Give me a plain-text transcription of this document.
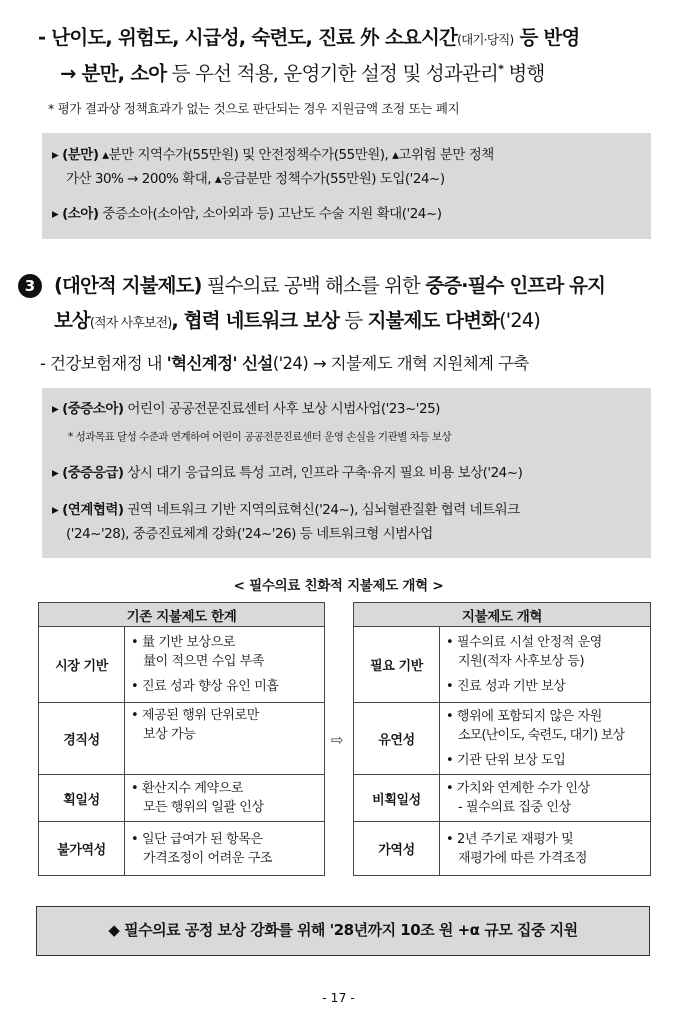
- 난이도, 위험도, 시급성, 숙련도, 진료 外 소요시간(대기·당직) 등 반영
→ 분만, 소아 등 우선 적용, 운영기한 설정 및 성과관리* 병행
* 평가 결과상 정책효과가 없는 것으로 판단되는 경우 지원금액 조정 또는 폐지
▸ (분만) ▴분만 지역수가(55만원) 및 안전정책수가(55만원), ▴고위험 분만 정책
가산 30% → 200% 확대, ▴응급분만 정책수가(55만원) 도입('24~)
▸ (소아) 중증소아(소아암, 소아외과 등) 고난도 수술 지원 확대('24~)
3 (대안적 지불제도) 필수의료 공백 해소를 위한 중증·필수 인프라 유지
보상(적자 사후보전), 협력 네트워크 보상 등 지불제도 다변화('24)
- 건강보험재정 내 '혁신계정' 신설('24) → 지불제도 개혁 지원체계 구축
▸ (중증소아) 어린이 공공전문진료센터 사후 보상 시범사업('23~'25)
* 성과목표 달성 수준과 연계하여 어린이 공공전문진료센터 운영 손실을 기관별 차등 보상
▸ (중증응급) 상시 대기 응급의료 특성 고려, 인프라 구축·유지 필요 비용 보상('24~)
▸ (연계협력) 권역 네트워크 기반 지역의료혁신('24~), 심뇌혈관질환 협력 네트워크
('24~'28), 중증진료체계 강화('24~'26) 등 네트워크형 시범사업
< 필수의료 친화적 지불제도 개혁 >
기존 지불제도 한계	
시장 기반	• 量 기반 보상으로
量이 적으면 수입 부족
• 진료 성과 향상 유인 미흡

경직성	• 제공된 행위 단위로만
보상 가능

획일성	• 환산지수 계약으로
모든 행위의 일괄 인상

불가역성	• 일단 급여가 된 항목은
가격조정이 어려운 구조
⇨
지불제도 개혁	
필요 기반	• 필수의료 시설 안정적 운영
지원(적자 사후보상 등)
• 진료 성과 기반 보상

유연성	• 행위에 포함되지 않은 자원
소모(난이도, 숙련도, 대기) 보상
• 기관 단위 보상 도입

비획일성	• 가치와 연계한 수가 인상
- 필수의료 집중 인상

가역성	• 2년 주기로 재평가 및
재평가에 따른 가격조정
◆ 필수의료 공정 보상 강화를 위해 '28년까지 10조 원 +α 규모 집중 지원
- 17 -
